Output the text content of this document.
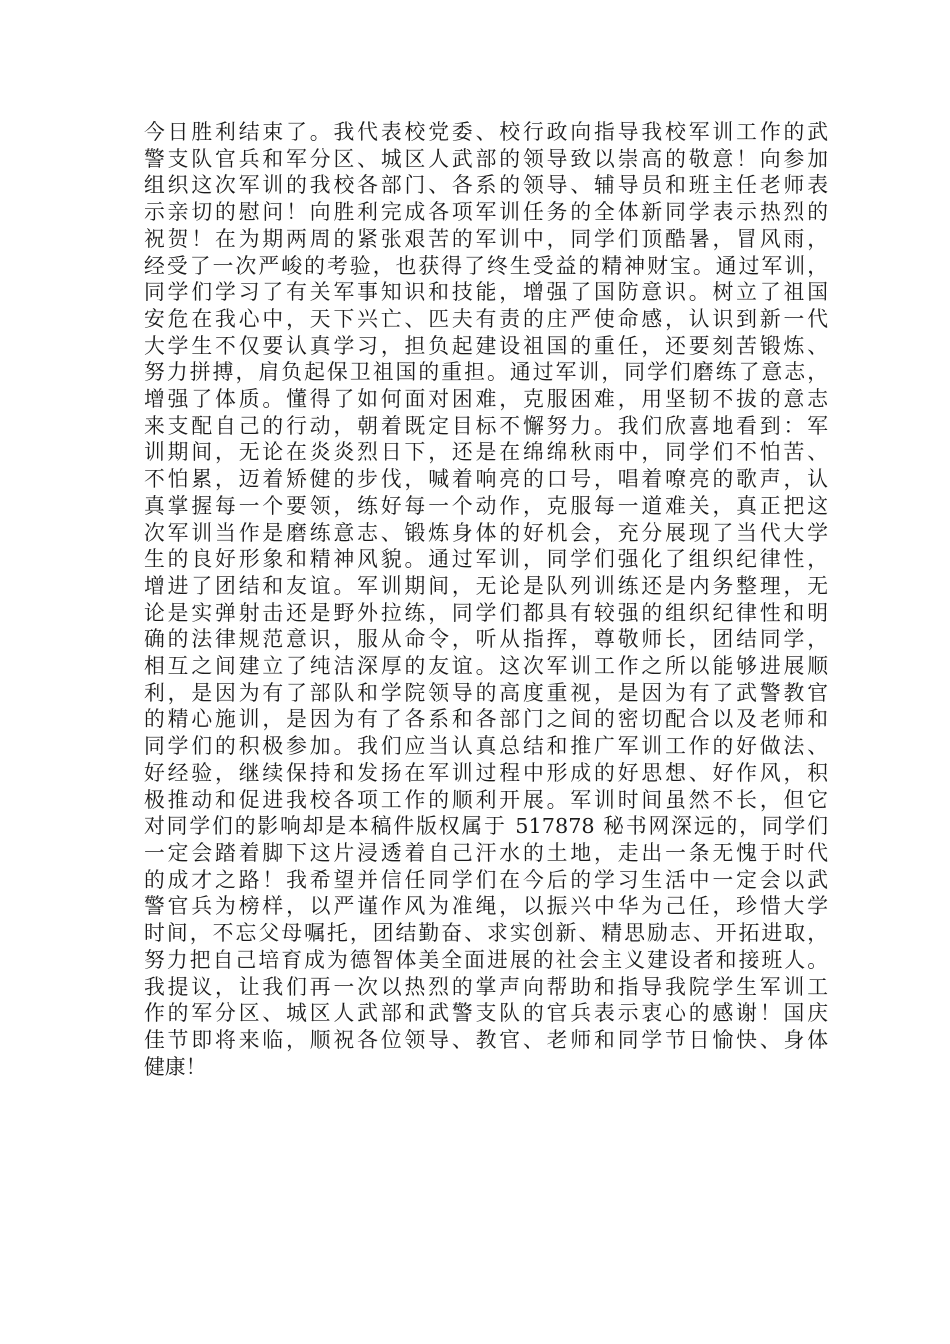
今日胜利结束了。我代表校党委、校行政向指导我校军训工作的武
警支队官兵和军分区、城区人武部的领导致以崇高的敬意！向参加
组织这次军训的我校各部门、各系的领导、辅导员和班主任老师表
示亲切的慰问！向胜利完成各项军训任务的全体新同学表示热烈的
祝贺！在为期两周的紧张艰苦的军训中，同学们顶酷暑，冒风雨，
经受了一次严峻的考验，也获得了终生受益的精神财宝。通过军训，
同学们学习了有关军事知识和技能，增强了国防意识。树立了祖国
安危在我心中，天下兴亡、匹夫有责的庄严使命感，认识到新一代
大学生不仅要认真学习，担负起建设祖国的重任，还要刻苦锻炼、
努力拼搏，肩负起保卫祖国的重担。通过军训，同学们磨练了意志，
增强了体质。懂得了如何面对困难，克服困难，用坚韧不拔的意志
来支配自己的行动，朝着既定目标不懈努力。我们欣喜地看到：军
训期间，无论在炎炎烈日下，还是在绵绵秋雨中，同学们不怕苦、
不怕累，迈着矫健的步伐，喊着响亮的口号，唱着嘹亮的歌声，认
真掌握每一个要领，练好每一个动作，克服每一道难关，真正把这
次军训当作是磨练意志、锻炼身体的好机会，充分展现了当代大学
生的良好形象和精神风貌。通过军训，同学们强化了组织纪律性，
增进了团结和友谊。军训期间，无论是队列训练还是内务整理，无
论是实弹射击还是野外拉练，同学们都具有较强的组织纪律性和明
确的法律规范意识，服从命令，听从指挥，尊敬师长，团结同学，
相互之间建立了纯洁深厚的友谊。这次军训工作之所以能够进展顺
利，是因为有了部队和学院领导的高度重视，是因为有了武警教官
的精心施训，是因为有了各系和各部门之间的密切配合以及老师和
同学们的积极参加。我们应当认真总结和推广军训工作的好做法、
好经验，继续保持和发扬在军训过程中形成的好思想、好作风，积
极推动和促进我校各项工作的顺利开展。军训时间虽然不长，但它
对同学们的影响却是本稿件版权属于 517878 秘书网深远的，同学们
一定会踏着脚下这片浸透着自己汗水的土地，走出一条无愧于时代
的成才之路！我希望并信任同学们在今后的学习生活中一定会以武
警官兵为榜样，以严谨作风为准绳，以振兴中华为己任，珍惜大学
时间，不忘父母嘱托，团结勤奋、求实创新、精思励志、开拓进取，
努力把自己培育成为德智体美全面进展的社会主义建设者和接班人。
我提议，让我们再一次以热烈的掌声向帮助和指导我院学生军训工
作的军分区、城区人武部和武警支队的官兵表示衷心的感谢！国庆
佳节即将来临，顺祝各位领导、教官、老师和同学节日愉快、身体
健康！
